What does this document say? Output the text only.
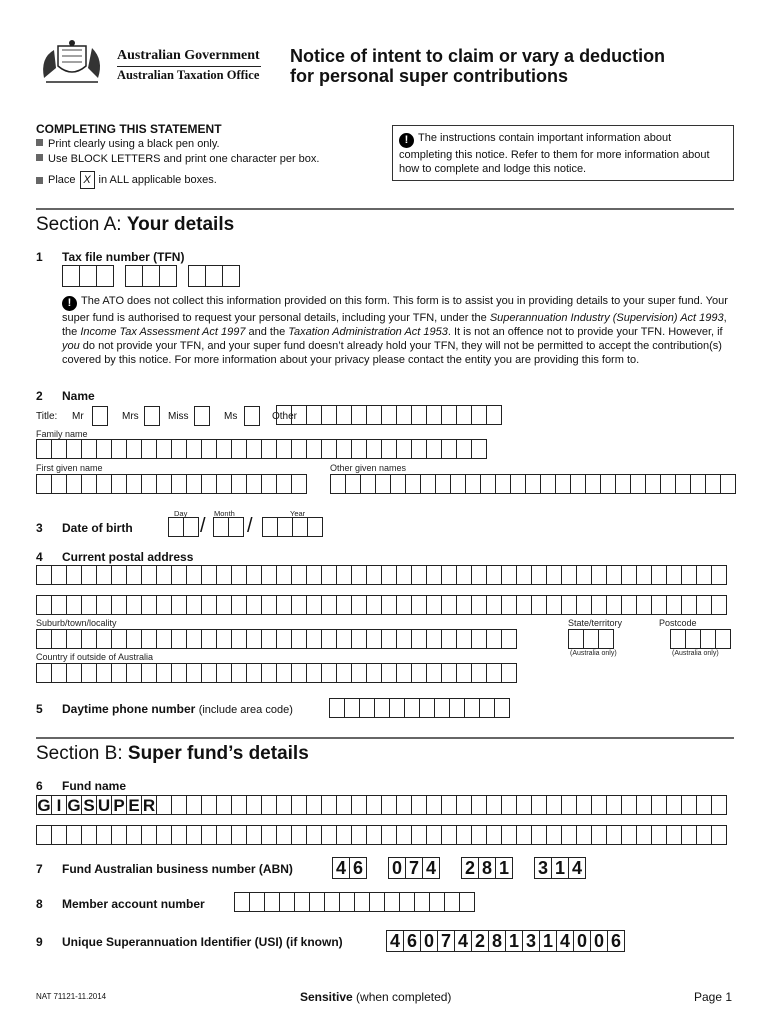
Australian Government
Australian Taxation Office
Notice of intent to claim or vary a deduction
for personal super contributions
COMPLETING THIS STATEMENT
Print clearly using a black pen only.
Use BLOCK LETTERS and print one character per box.
Place X in ALL applicable boxes.
! The instructions contain important information about completing this notice. Refer to them for more information about how to complete and lodge this notice.
Section A: Your details
1 Tax file number (TFN)
! The ATO does not collect this information provided on this form. This form is to assist you in providing details to your super fund. Your super fund is authorised to request your personal details, including your TFN, under the Superannuation Industry (Supervision) Act 1993, the Income Tax Assessment Act 1997 and the Taxation Administration Act 1953. It is not an offence not to provide your TFN. However, if you do not provide your TFN, and your super fund doesn’t already hold your TFN, they will not be permitted to accept the contribution(s) covered by this notice. For more information about your privacy please contact the entity you are providing this form to.
2 Name
Title:	Mr	Mrs	Miss	Ms	Other
Family name
First given name	Other given names
Day	Month	Year
3 Date of birth	/ /
4 Current postal address
Suburb/town/locality	State/territory	Postcode
(Australia only)	(Australia only)
Country if outside of Australia
5 Daytime phone number (include area code)
Section B: Super fund’s details
6 Fund name
G I G S U P E R
7 Fund Australian business number (ABN) 4 6 0 7 4 2 8 1 3 1 4
8 Member account number
9 Unique Superannuation Identifier (USI) (if known)	4 6 0 7 4 2 8 1 3 1 4 0 0 6
NAT 71121-11.2014	Sensitive (when completed)	Page 1
